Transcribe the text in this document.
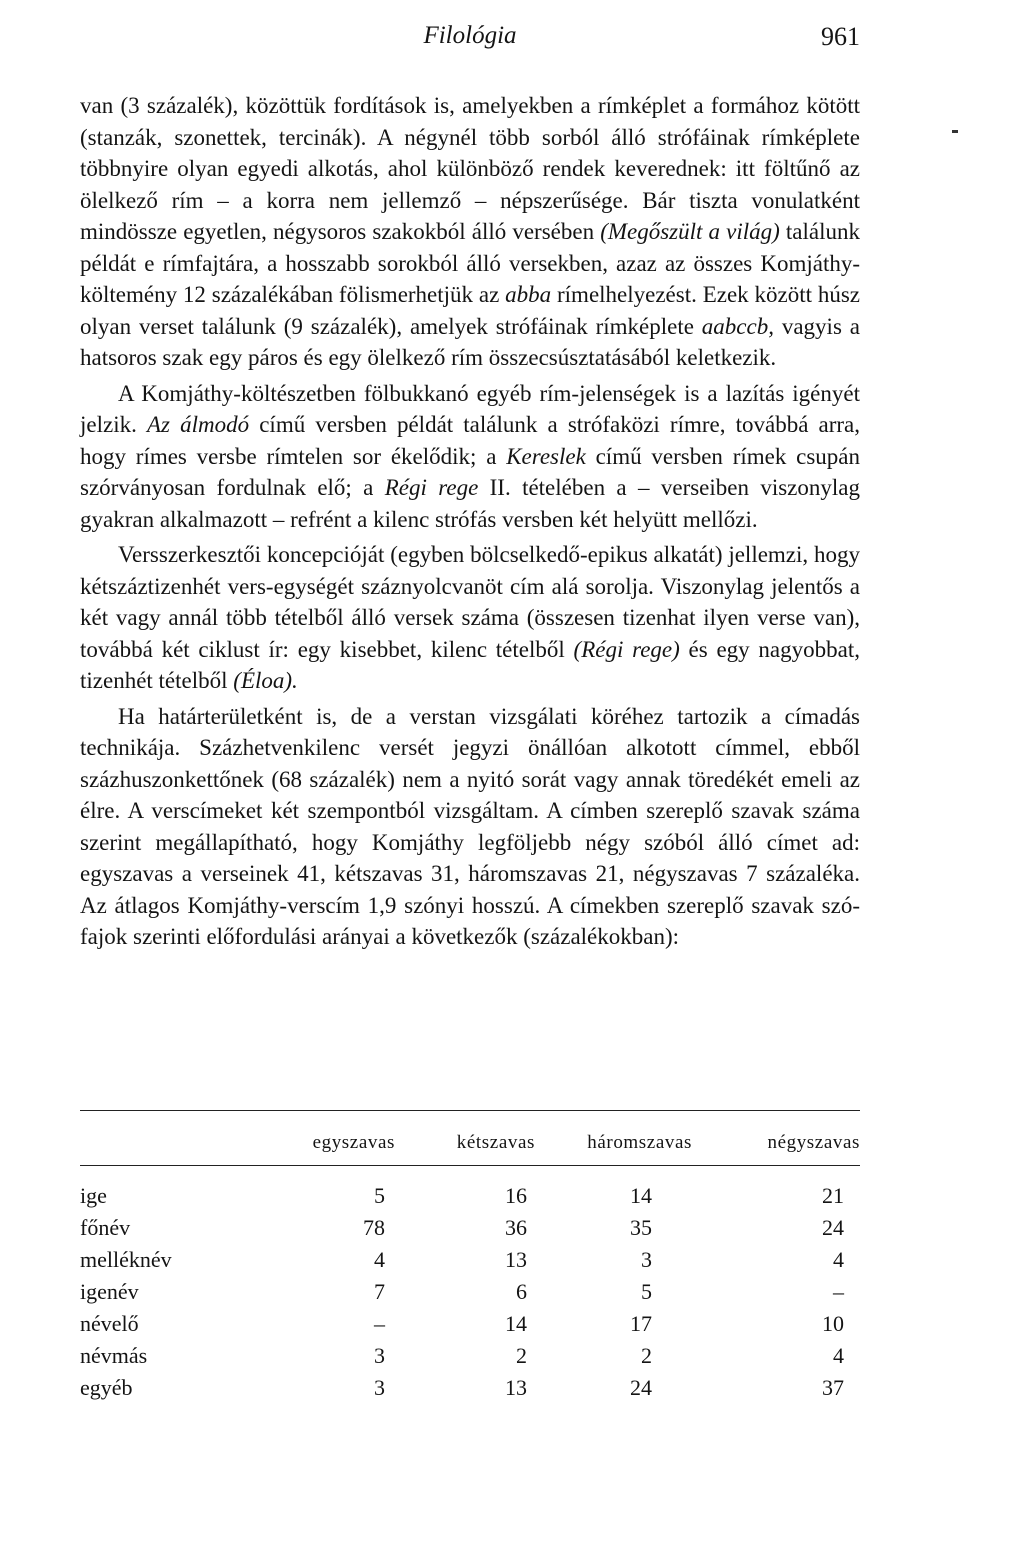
Filológia	961

van (3 százalék), közöttük fordítások is, amelyekben a rímképlet a formához kötött (stanzák, szonettek, tercinák). A négynél több sorból álló strófáinak rímképlete többnyire olyan egyedi alkotás, ahol különböző rendek keverednek: itt föltűnő az ölelkező rím – a korra nem jellemző – népszerűsége. Bár tiszta vonulatként mindössze egyetlen, négysoros szakokból álló versében (Megőszült a világ) találunk példát e rímfajtára, a hosszabb sorokból álló versekben, azaz az összes Komjáthy-költemény 12 százalékában fölismerhetjük az abba rímelhelyezést. Ezek között húsz olyan verset találunk (9 százalék), amelyek strófáinak rímképlete aabccb, vagyis a hatsoros szak egy páros és egy ölelkező rím összecsúsztatásából keletkezik.

A Komjáthy-költészetben fölbukkanó egyéb rím-jelenségek is a lazítás igényét jelzik. Az álmodó című versben példát találunk a strófaközi rímre, továbbá arra, hogy rímes versbe rímtelen sor ékelődik; a Kereslek című versben rímek csupán szórványosan fordulnak elő; a Régi rege II. tételében a – verseiben viszonylag gyakran alkalmazott – refrént a kilenc strófás versben két helyütt mellőzi.

Versszerkesztői koncepcióját (egyben bölcselkedő-epikus alkatát) jellemzi, hogy kétszáztizenhét vers-egységét száznyolcvanöt cím alá sorolja. Viszonylag jelentős a két vagy annál több tételből álló versek száma (összesen tizenhat ilyen verse van), továbbá két ciklust ír: egy kisebbet, kilenc tételből (Régi rege) és egy nagyobbat, tizenhét tételből (Éloa).

Ha határterületként is, de a verstan vizsgálati köréhez tartozik a címadás technikája. Százhetvenkilenc versét jegyzi önállóan alkotott címmel, ebből százhuszonkettőnek (68 százalék) nem a nyitó sorát vagy annak töredékét emeli az élre. A verscímeket két szempontból vizsgáltam. A címben szereplő szavak száma szerint megállapítható, hogy Komjáthy legföljebb négy szóból álló címet ad: egyszavas a verseinek 41, kétszavas 31, háromszavas 21, négyszavas 7 százaléka. Az átlagos Komjáthy-verscím 1,9 szónyi hosszú. A címekben szereplő szavak szófajok szerinti előfordulási arányai a következők (százalékokban):

	egyszavas	kétszavas	háromszavas	négyszavas
ige	5	16	14	21
főnév	78	36	35	24
melléknév	4	13	3	4
igenév	7	6	5	–
névelő	–	14	17	10
névmás	3	2	2	4
egyéb	3	13	24	37
